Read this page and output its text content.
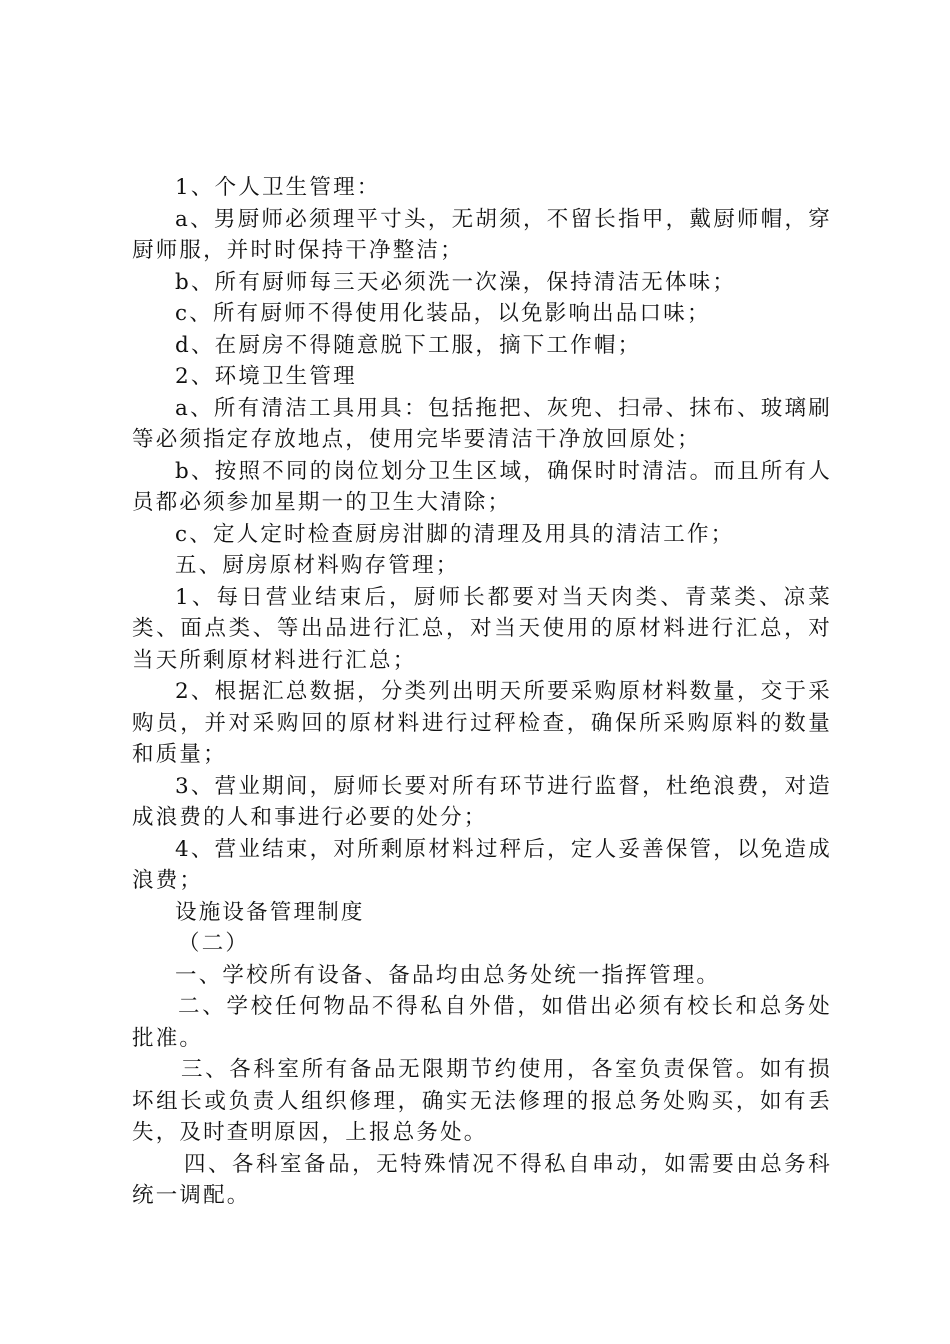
1、个人卫生管理：

a、男厨师必须理平寸头，无胡须，不留长指甲，戴厨师帽，穿厨师服，并时时保持干净整洁；

b、所有厨师每三天必须洗一次澡，保持清洁无体味；

c、所有厨师不得使用化装品，以免影响出品口味；

d、在厨房不得随意脱下工服，摘下工作帽；

2、环境卫生管理

a、所有清洁工具用具：包括拖把、灰兜、扫帚、抹布、玻璃刷等必须指定存放地点，使用完毕要清洁干净放回原处；

b、按照不同的岗位划分卫生区域，确保时时清洁。而且所有人员都必须参加星期一的卫生大清除；

c、定人定时检查厨房泔脚的清理及用具的清洁工作；

五、厨房原材料购存管理；

1、每日营业结束后，厨师长都要对当天肉类、青菜类、凉菜类、面点类、等出品进行汇总，对当天使用的原材料进行汇总，对当天所剩原材料进行汇总；

2、根据汇总数据，分类列出明天所要采购原材料数量，交于采购员，并对采购回的原材料进行过秤检查，确保所采购原料的数量和质量；

3、营业期间，厨师长要对所有环节进行监督，杜绝浪费，对造成浪费的人和事进行必要的处分；

4、营业结束，对所剩原材料过秤后，定人妥善保管，以免造成浪费；

设施设备管理制度

（二）

一、学校所有设备、备品均由总务处统一指挥管理。

二、学校任何物品不得私自外借，如借出必须有校长和总务处批准。

三、各科室所有备品无限期节约使用，各室负责保管。如有损坏组长或负责人组织修理，确实无法修理的报总务处购买，如有丢失，及时查明原因，上报总务处。

四、各科室备品，无特殊情况不得私自串动，如需要由总务科统一调配。
